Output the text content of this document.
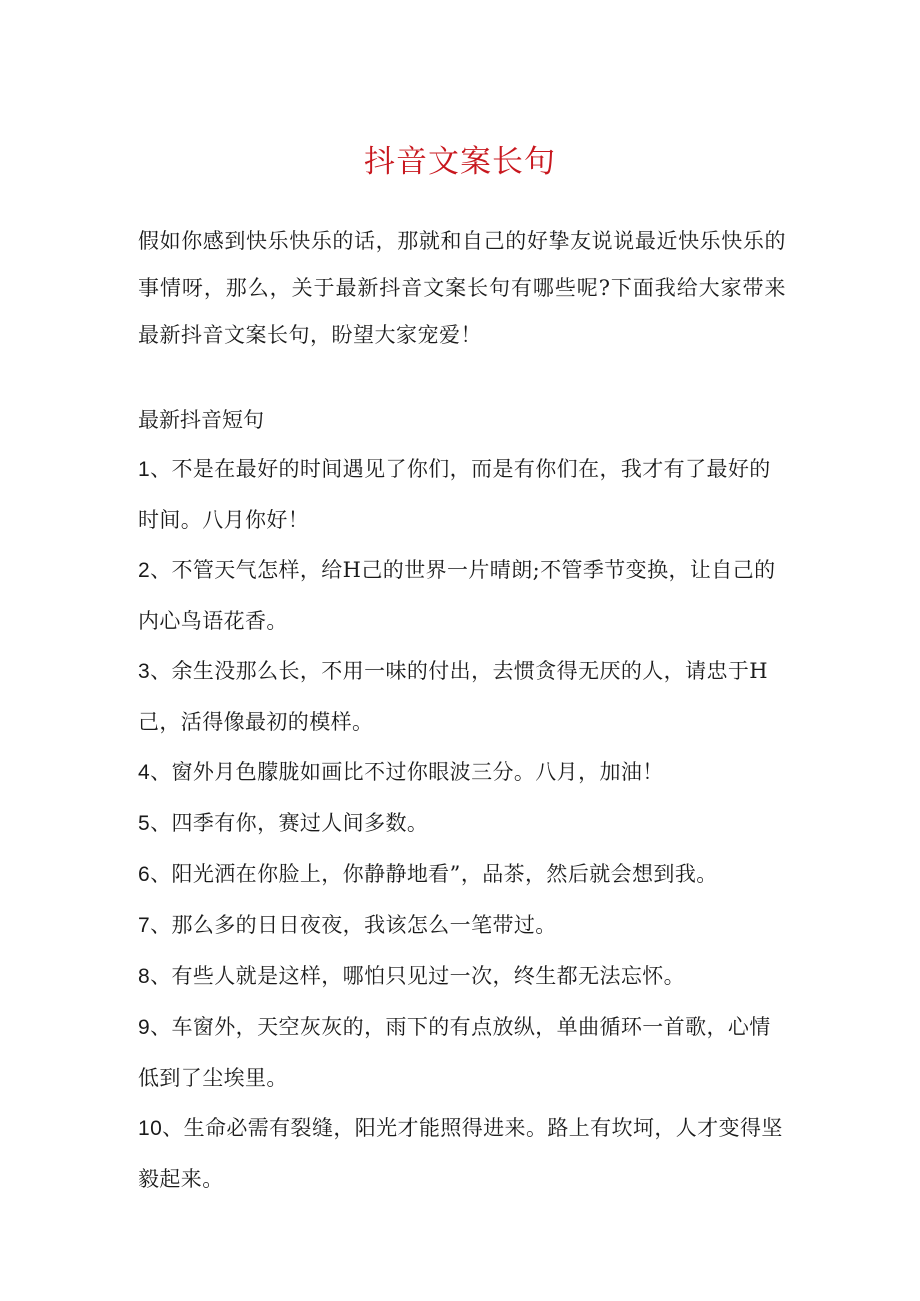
抖音文案长句

假如你感到快乐快乐的话，那就和自己的好挚友说说最近快乐快乐的事情呀，那么，关于最新抖音文案长句有哪些呢?下面我给大家带来最新抖音文案长句，盼望大家宠爱！

最新抖音短句
1、不是在最好的时间遇见了你们，而是有你们在，我才有了最好的时间。八月你好！
2、不管天气怎样，给H己的世界一片晴朗;不管季节变换，让自己的内心鸟语花香。
3、余生没那么长，不用一味的付出，去惯贪得无厌的人，请忠于H己，活得像最初的模样。
4、窗外月色朦胧如画比不过你眼波三分。八月，加油！
5、四季有你，赛过人间多数。
6、阳光洒在你脸上，你静静地看”，品茶，然后就会想到我。
7、那么多的日日夜夜，我该怎么一笔带过。
8、有些人就是这样，哪怕只见过一次，终生都无法忘怀。
9、车窗外，天空灰灰的，雨下的有点放纵，单曲循环一首歌，心情低到了尘埃里。
10、生命必需有裂缝，阳光才能照得进来。路上有坎坷，人才变得坚毅起来。
